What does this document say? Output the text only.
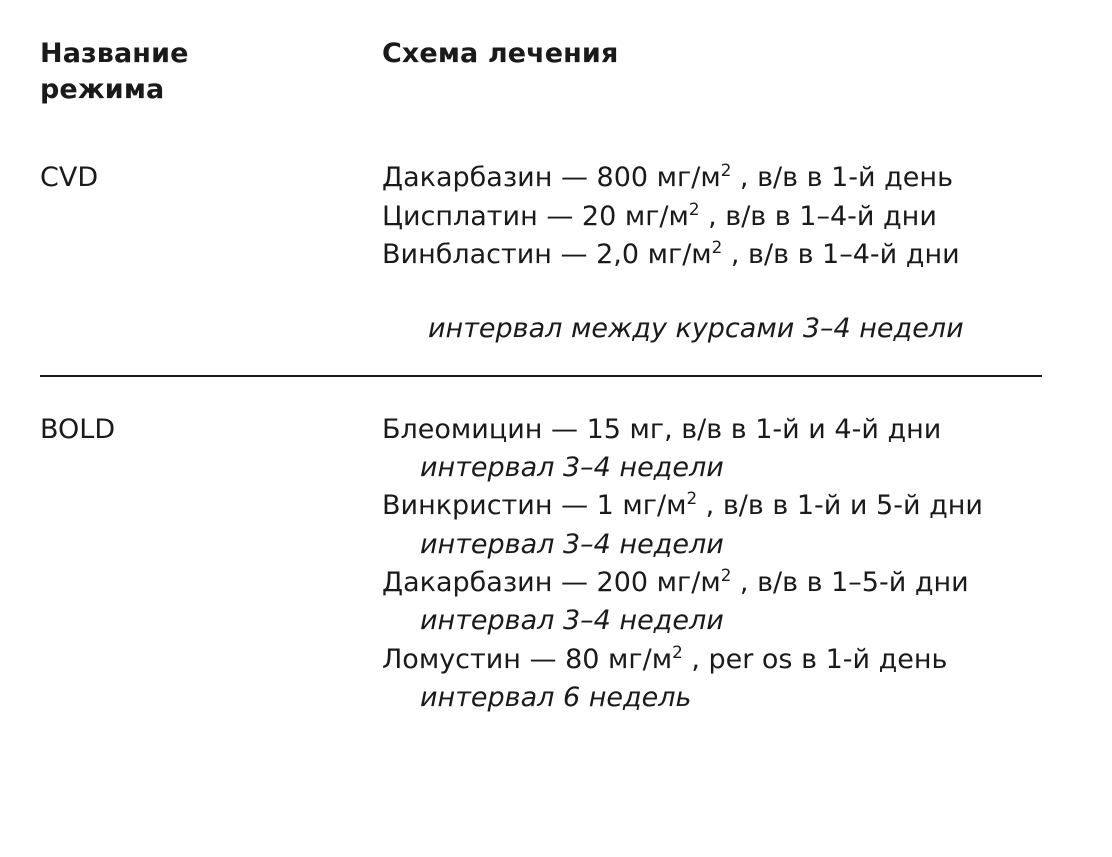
Название
режима	Схема лечения

CVD	Дакарбазин — 800 $мг/м^2$ , в/в в 1-й день
Цисплатин — 20 $мг/м^2$ , в/в в 1–4-й дни
Винбластин — 2,0 $мг/м^2$ , в/в в 1–4-й дни
интервал между курсами 3–4 недели

BOLD	Блеомицин — 15 мг, в/в в 1-й и 4-й дни
интервал 3–4 недели
Винкристин — 1 $мг/м^2$ , в/в в 1-й и 5-й дни
интервал 3–4 недели
Дакарбазин — 200 $мг/м^2$ , в/в в 1–5-й дни
интервал 3–4 недели
Ломустин — 80 $мг/м^2$ , per os в 1-й день
интервал 6 недель
